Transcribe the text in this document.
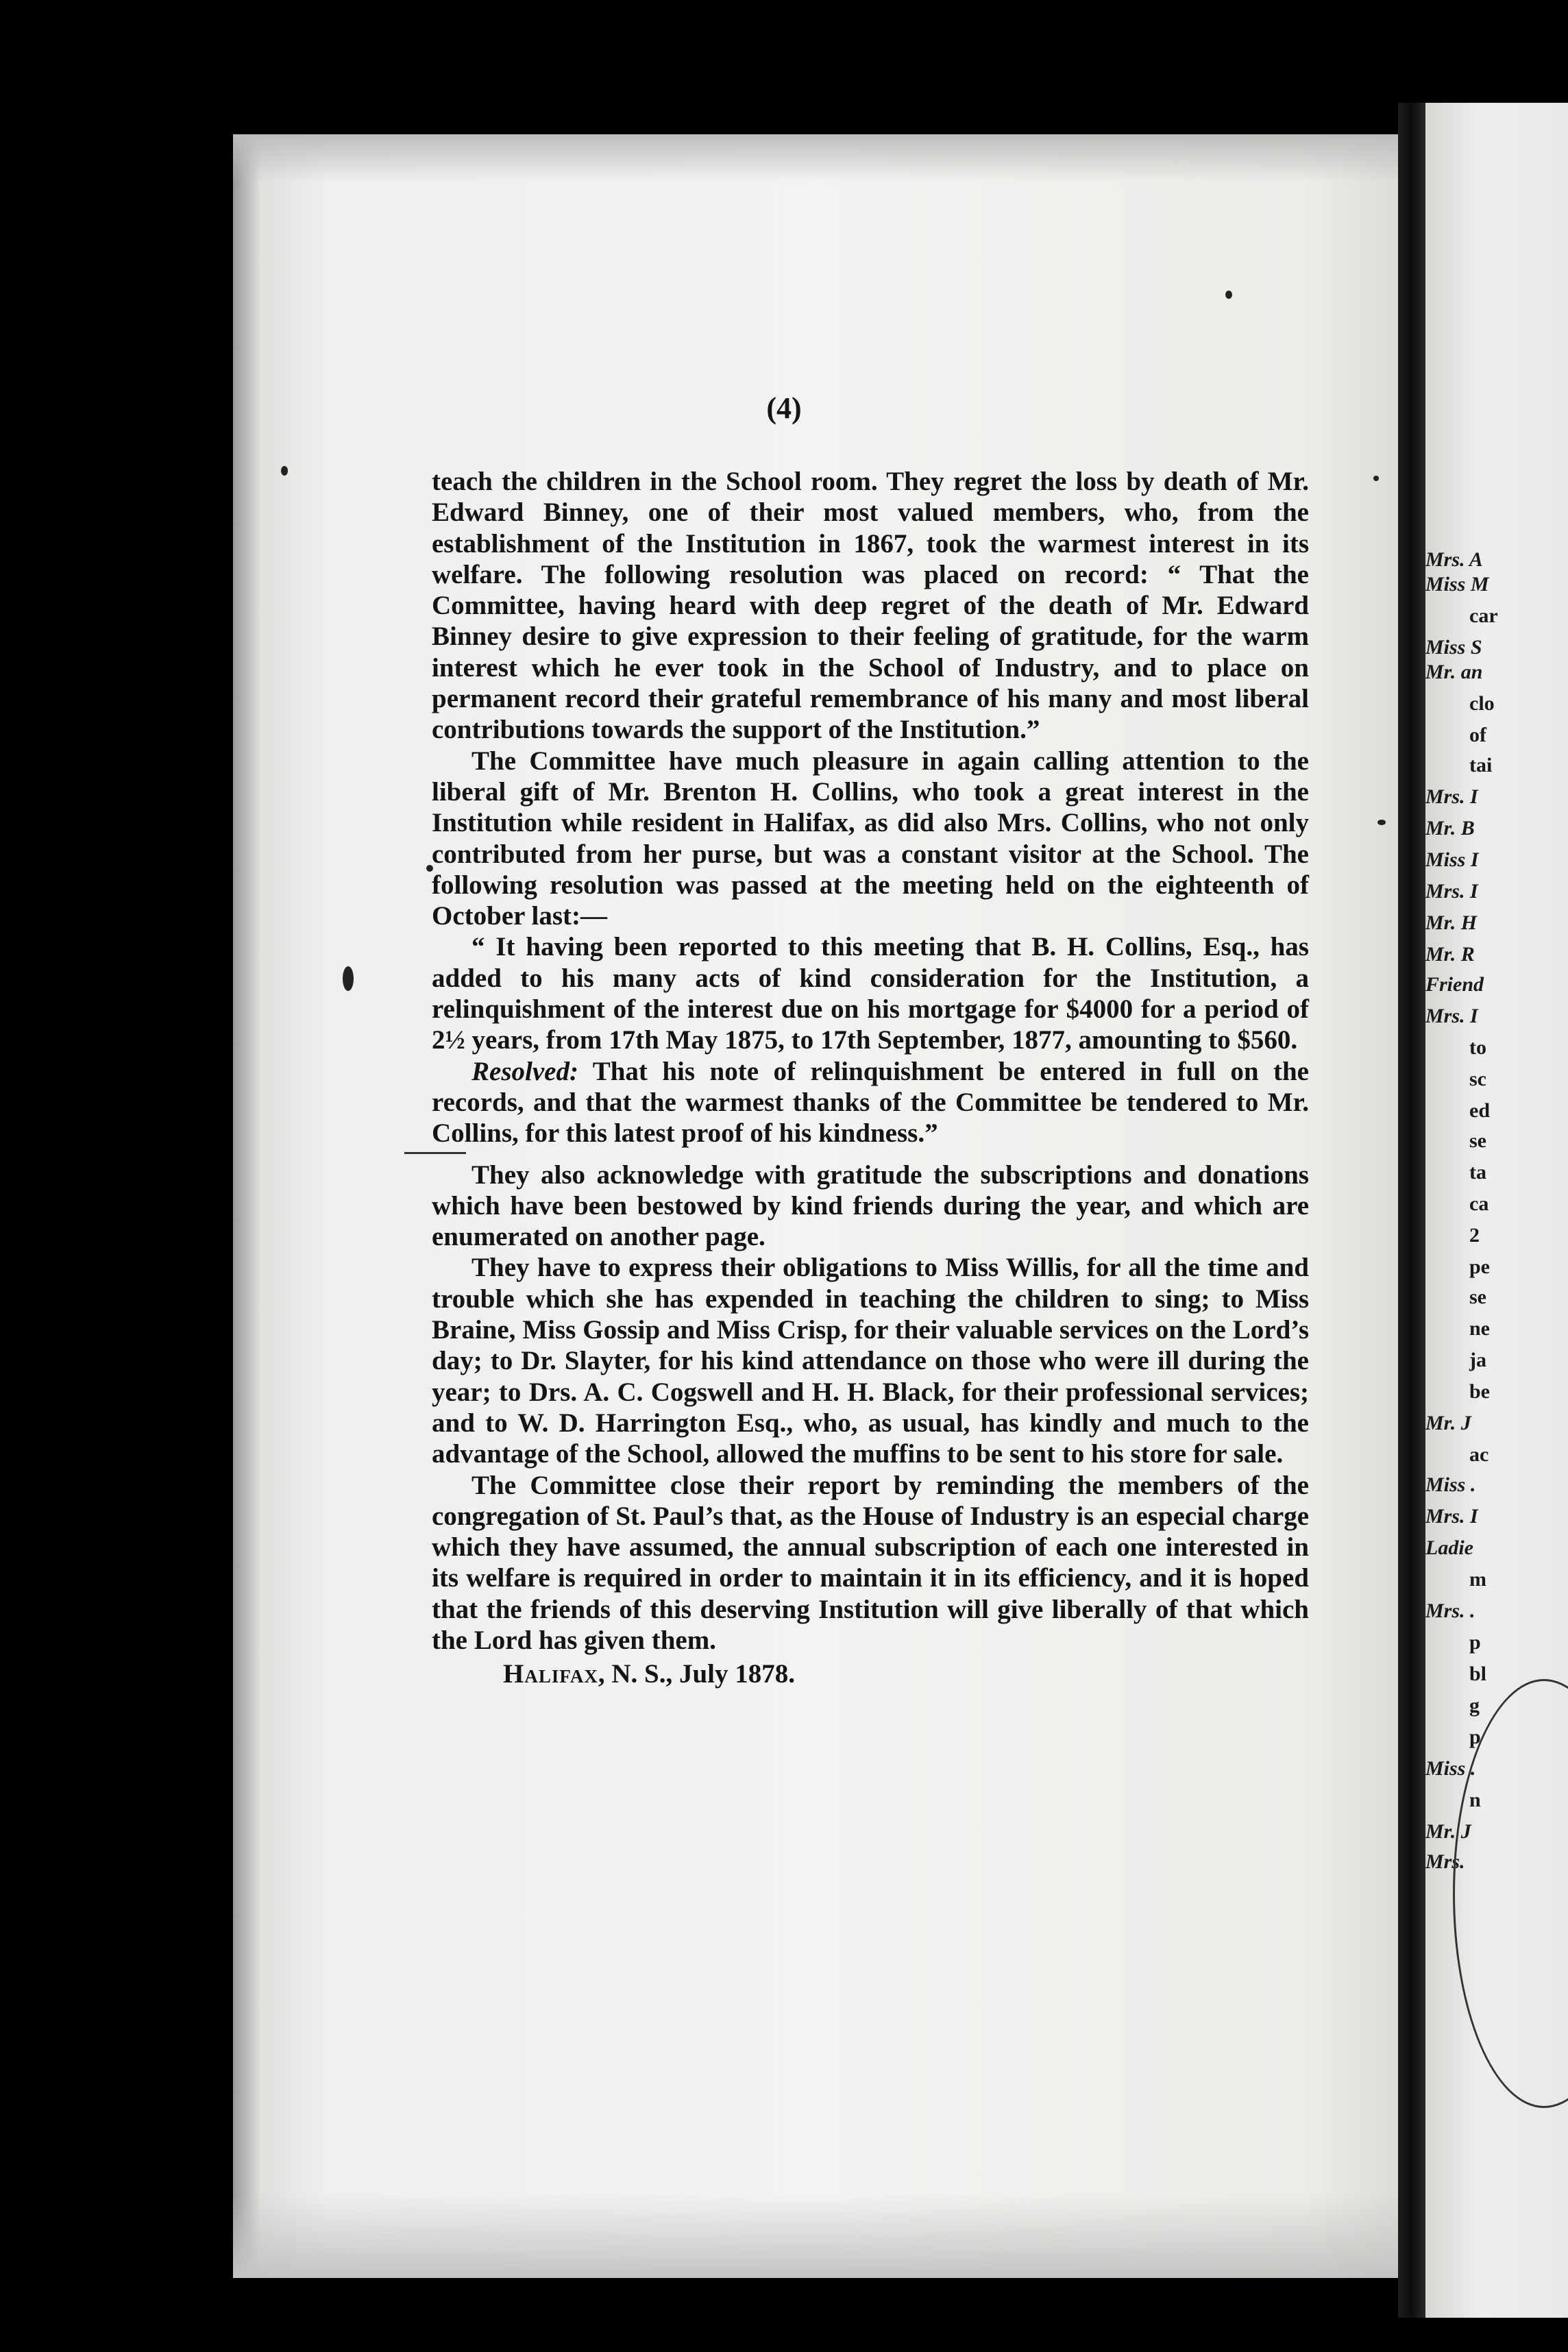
Mrs. A
Miss M
car
Miss S
Mr. an
clo
of
tai
Mrs. I
Mr. B
Miss I
Mrs. I
Mr. H
Mr. R
Friend
Mrs. I
to
sc
ed
se
ta
ca
2
pe
se
ne
ja
be
Mr. J
ac
Miss .
Mrs. I
Ladie
m
Mrs. .
p
bl
g
p
Miss .
n
Mr. J
Mrs.
(4)

teach the children in the School room. They regret the loss by death of Mr. Edward Binney, one of their most valued members, who, from the establishment of the Institution in 1867, took the warmest interest in its welfare. The following resolution was placed on record: “ That the Committee, having heard with deep regret of the death of Mr. Edward Binney desire to give expression to their feeling of gratitude, for the warm interest which he ever took in the School of Industry, and to place on permanent record their grateful remembrance of his many and most liberal contributions towards the support of the Institution.”

The Committee have much pleasure in again calling attention to the liberal gift of Mr. Brenton H. Collins, who took a great interest in the Institution while resident in Halifax, as did also Mrs. Collins, who not only contributed from her purse, but was a constant visitor at the School. The following resolution was passed at the meeting held on the eighteenth of October last:—

“ It having been reported to this meeting that B. H. Collins, Esq., has added to his many acts of kind consideration for the Institution, a relinquishment of the interest due on his mortgage for $4000 for a period of 2½ years, from 17th May 1875, to 17th September, 1877, amounting to $560.

Resolved: That his note of relinquishment be entered in full on the records, and that the warmest thanks of the Committee be tendered to Mr. Collins, for this latest proof of his kindness.”

They also acknowledge with gratitude the subscriptions and donations which have been bestowed by kind friends during the year, and which are enumerated on another page.

They have to express their obligations to Miss Willis, for all the time and trouble which she has expended in teaching the children to sing; to Miss Braine, Miss Gossip and Miss Crisp, for their valuable services on the Lord’s day; to Dr. Slayter, for his kind attendance on those who were ill during the year; to Drs. A. C. Cogswell and H. H. Black, for their professional services; and to W. D. Harrington Esq., who, as usual, has kindly and much to the advantage of the School, allowed the muffins to be sent to his store for sale.

The Committee close their report by reminding the members of the congregation of St. Paul’s that, as the House of Industry is an especial charge which they have assumed, the annual subscription of each one interested in its welfare is required in order to maintain it in its efficiency, and it is hoped that the friends of this deserving Institution will give liberally of that which the Lord has given them.

Halifax, N. S., July 1878.
